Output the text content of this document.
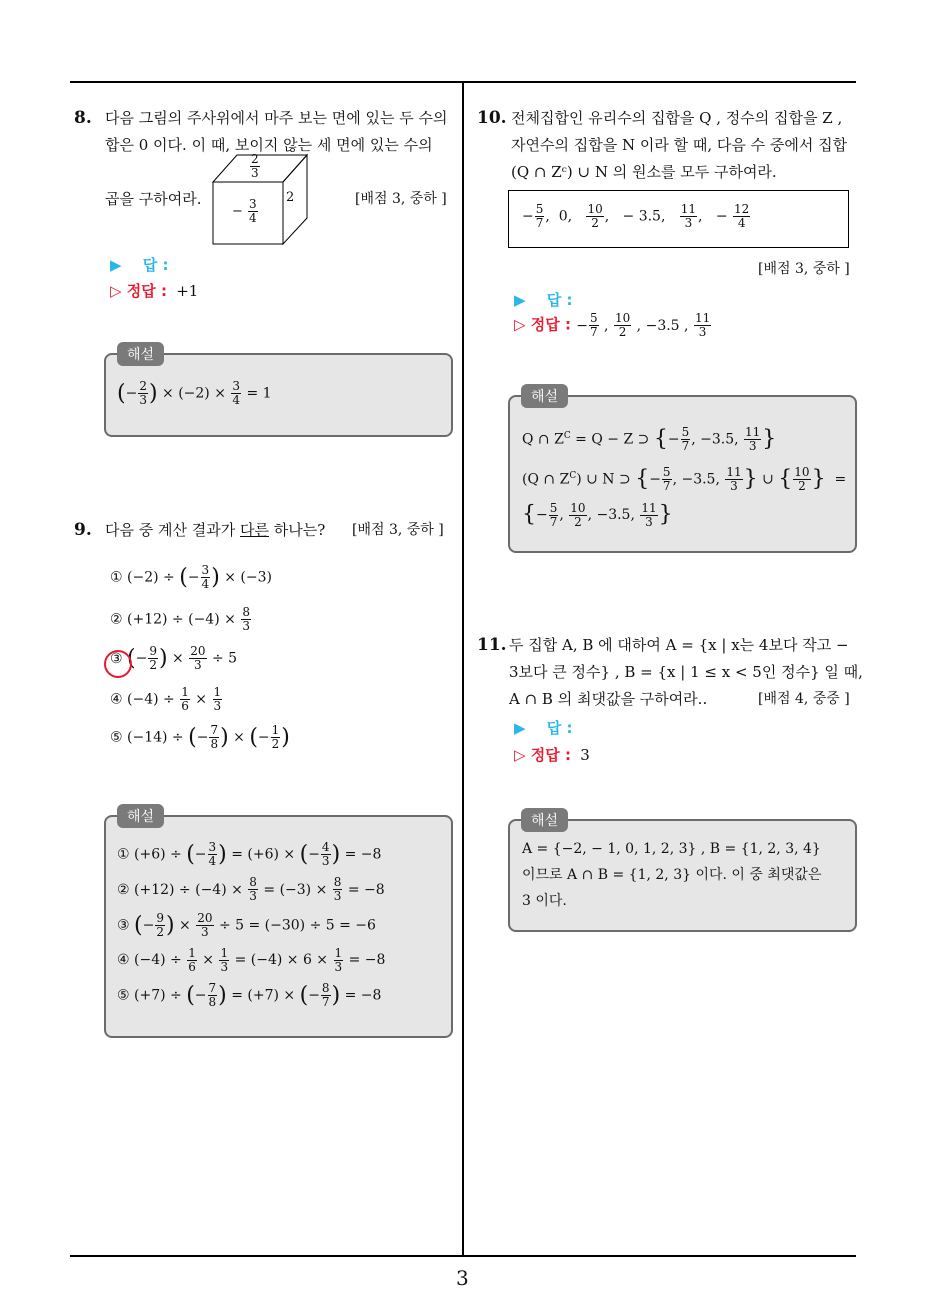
3
8. 다음 그림의 주사위에서 마주 보는 면에 있는 두 수의
합은 0 이다. 이 때, 보이지 않는 세 면에 있는 수의
곱을 구하여라.	[배점 3, 중하 ]
$\frac{2}{3}$
− $\frac{3}{4}$
2
▶ 답 :
▷ 정답 : +1
해설
(− $\frac{2}{3}$ ) × $(-2) \times \frac{3}{4} = 1$
9. 다음 중 계산 결과가 다른 하나는? [배점 3, 중하 ]
① (−2) ÷ (− $\frac{3}{4}$ ) × (−3)
② $(+12) \div (-4) \times \frac{8}{3}$
③ (− $\frac{9}{2}$ ) × $\frac{20}{3} \div 5$
④ $(-4) \div \frac{1}{6} \times \frac{1}{3}$
⑤ (−14) ÷ (− $\frac{7}{8}$ ) × (− $\frac{1}{2}$ )
해설
① (+6) ÷ (− $\frac{3}{4}$ ) = (+6) × (− $\frac{4}{3}$ ) = −8
② $(+12) \div (-4) \times \frac{8}{3} = (-3) \times \frac{8}{3} = -8$
③ (− $\frac{9}{2}$ ) × $\frac{20}{3} \div 5 = (-30) \div 5 = -6$
④ $(-4) \div \frac{1}{6} \times \frac{1}{3} = (-4) \times 6 \times \frac{1}{3} = -8$
⑤ (+7) ÷ (− $\frac{7}{8}$ ) = (+7) × (− $\frac{8}{7}$ ) = −8
10. 전체집합인 유리수의 집합을 Q , 정수의 집합을 Z ,
자연수의 집합을 N 이라 할 때, 다음 수 중에서 집합
(Q ∩ Zᶜ) ∪ N 의 원소를 모두 구하여라.
− $\frac{5}{7}$ ,  0, $\frac{10}{2}$ ,   − 3.5, $\frac{11}{3}$ ,   − $\frac{12}{4}$
[배점 3, 중하 ]
▶ 답 :
▷ 정답 : − $\frac{5}{7}$ , $\frac{10}{2}$ , −3.5 , $\frac{11}{3}$
해설
Q ∩ $Z^C = Q - Z$ ⊃ {− $\frac{5}{7}$ , −3.5, $\frac{11}{3}$ }
(Q ∩ $Z^C$) ∪ N ⊃ {− $\frac{5}{7}$ , −3.5, $\frac{11}{3}$ } ∪ { $\frac{10}{2}$ }  =
{− $\frac{5}{7}$ , $\frac{10}{2}$ , −3.5, $\frac{11}{3}$ }
11. 두 집합 A, B 에 대하여 A = {x | x는 4보다 작고 −
3보다 큰 정수} , B = {x | 1 ≤ x < 5인 정수} 일 때,
A ∩ B 의 최댓값을 구하여라..	[배점 4, 중중 ]
▶ 답 :
▷ 정답 : 3
해설
A = {−2, − 1, 0, 1, 2, 3} , B = {1, 2, 3, 4}
이므로 A ∩ B = {1, 2, 3} 이다. 이 중 최댓값은
3 이다.
